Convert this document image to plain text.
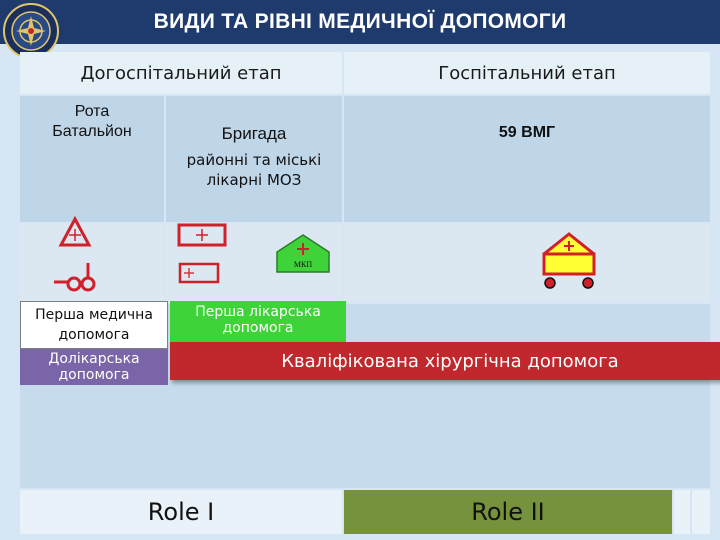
ВИДИ ТА РІВНІ МЕДИЧНОЇ ДОПОМОГИ
Догоспітальний етап	Госпітальний етап
Рота
Батальйон	Бригада
районні та міські лікарні МОЗ
59 ВМГ
МКП
Перша медична допомога
Долікарська допомога
Перша лікарська допомога
Кваліфікована хірургічна допомога
Role I	Role II
